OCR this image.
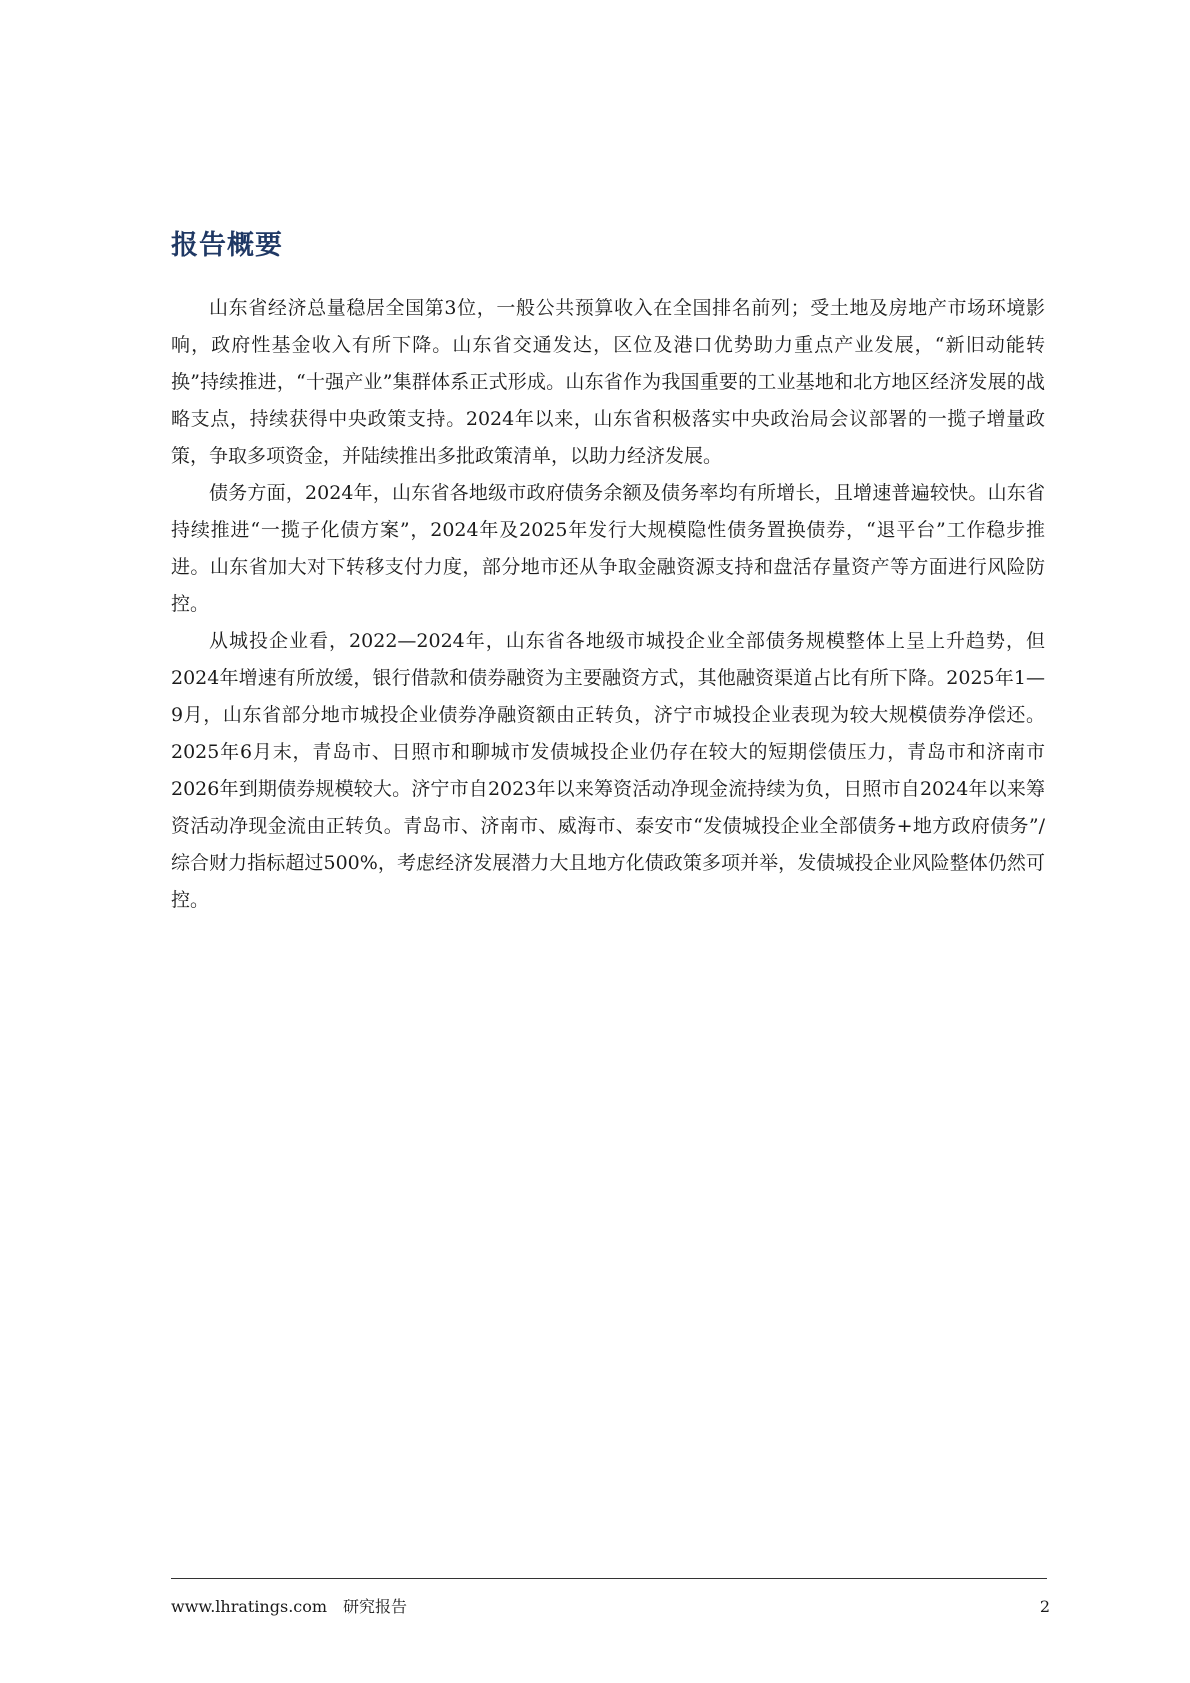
报告概要

山东省经济总量稳居全国第3位，一般公共预算收入在全国排名前列；受土地及房地产市场环境影响，政府性基金收入有所下降。山东省交通发达，区位及港口优势助力重点产业发展，“新旧动能转换”持续推进，“十强产业”集群体系正式形成。山东省作为我国重要的工业基地和北方地区经济发展的战略支点，持续获得中央政策支持。2024年以来，山东省积极落实中央政治局会议部署的一揽子增量政策，争取多项资金，并陆续推出多批政策清单，以助力经济发展。

债务方面，2024年，山东省各地级市政府债务余额及债务率均有所增长，且增速普遍较快。山东省持续推进“一揽子化债方案”，2024年及2025年发行大规模隐性债务置换债券，“退平台”工作稳步推进。山东省加大对下转移支付力度，部分地市还从争取金融资源支持和盘活存量资产等方面进行风险防控。

从城投企业看，2022—2024年，山东省各地级市城投企业全部债务规模整体上呈上升趋势，但2024年增速有所放缓，银行借款和债券融资为主要融资方式，其他融资渠道占比有所下降。2025年1—9月，山东省部分地市城投企业债券净融资额由正转负，济宁市城投企业表现为较大规模债券净偿还。2025年6月末，青岛市、日照市和聊城市发债城投企业仍存在较大的短期偿债压力，青岛市和济南市2026年到期债券规模较大。济宁市自2023年以来筹资活动净现金流持续为负，日照市自2024年以来筹资活动净现金流由正转负。青岛市、济南市、威海市、泰安市“发债城投企业全部债务+地方政府债务”/综合财力指标超过500%，考虑经济发展潜力大且地方化债政策多项并举，发债城投企业风险整体仍然可控。

www.lhratings.com 研究报告	2
